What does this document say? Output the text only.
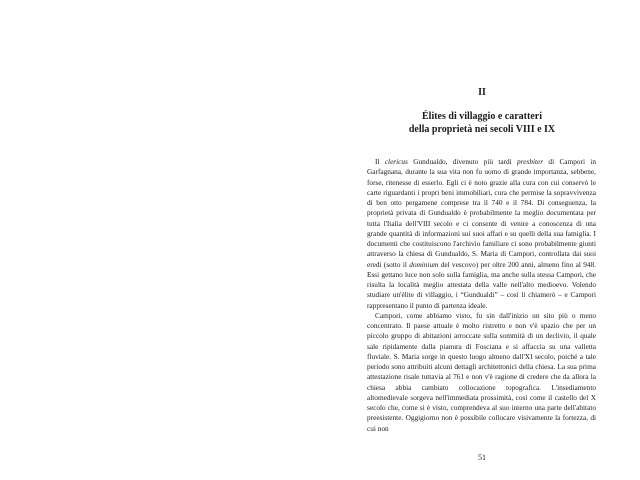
II
Élites di villaggio e caratteri
della proprietà nei secoli VIII e IX

Il clericus Gundualdo, divenuto più tardi presbiter di Campori in Garfagnana, durante la sua vita non fu uomo di grande importanza, sebbene, forse, ritenesse di esserlo. Egli ci è noto grazie alla cura con cui conservò le carte riguardanti i propri beni immobiliari, cura che permise la sopravvivenza di ben otto pergamene comprese tra il 740 e il 784. Di conseguenza, la proprietà privata di Gundualdo è probabilmente la meglio documentata per tutta l'Italia dell'VIII secolo e ci consente di venire a conoscenza di una grande quantità di informazioni sui suoi affari e su quelli della sua famiglia. I documenti che costituiscono l'archivio familiare ci sono probabilmente giunti attraverso la chiesa di Gundualdo, S. Maria di Campori, controllata dai suoi eredi (sotto il dominium del vescovo) per oltre 200 anni, almeno fino al 948. Essi gettano luce non solo sulla famiglia, ma anche sulla stessa Campori, che risulta la località meglio attestata della valle nell'alto medioevo. Volendo studiare un'élite di villaggio, i “Gundualdi” – così li chiamerò – e Campori rappresentano il punto di partenza ideale.

Campori, come abbiamo visto, fu sin dall'inizio un sito più o meno concentrato. Il paese attuale è molto ristretto e non v'è spazio che per un piccolo gruppo di abitazioni arroccate sulla sommità di un declivio, il quale sale ripidamente dalla pianura di Fosciana e si affaccia su una valletta fluviale. S. Maria sorge in questo luogo almeno dall'XI secolo, poiché a tale periodo sono attribuiti alcuni dettagli architettonici della chiesa. La sua prima attestazione risale tuttavia al 761 e non v'è ragione di credere che da allora la chiesa abbia cambiato collocazione topografica. L'insediamento altomedievale sorgeva nell'immediata prossimità, così come il castello del X secolo che, come si è visto, comprendeva al suo interno una parte dell'abitato preesistente. Oggigiorno non è possibile collocare visivamente la fortezza, di cui non

51
